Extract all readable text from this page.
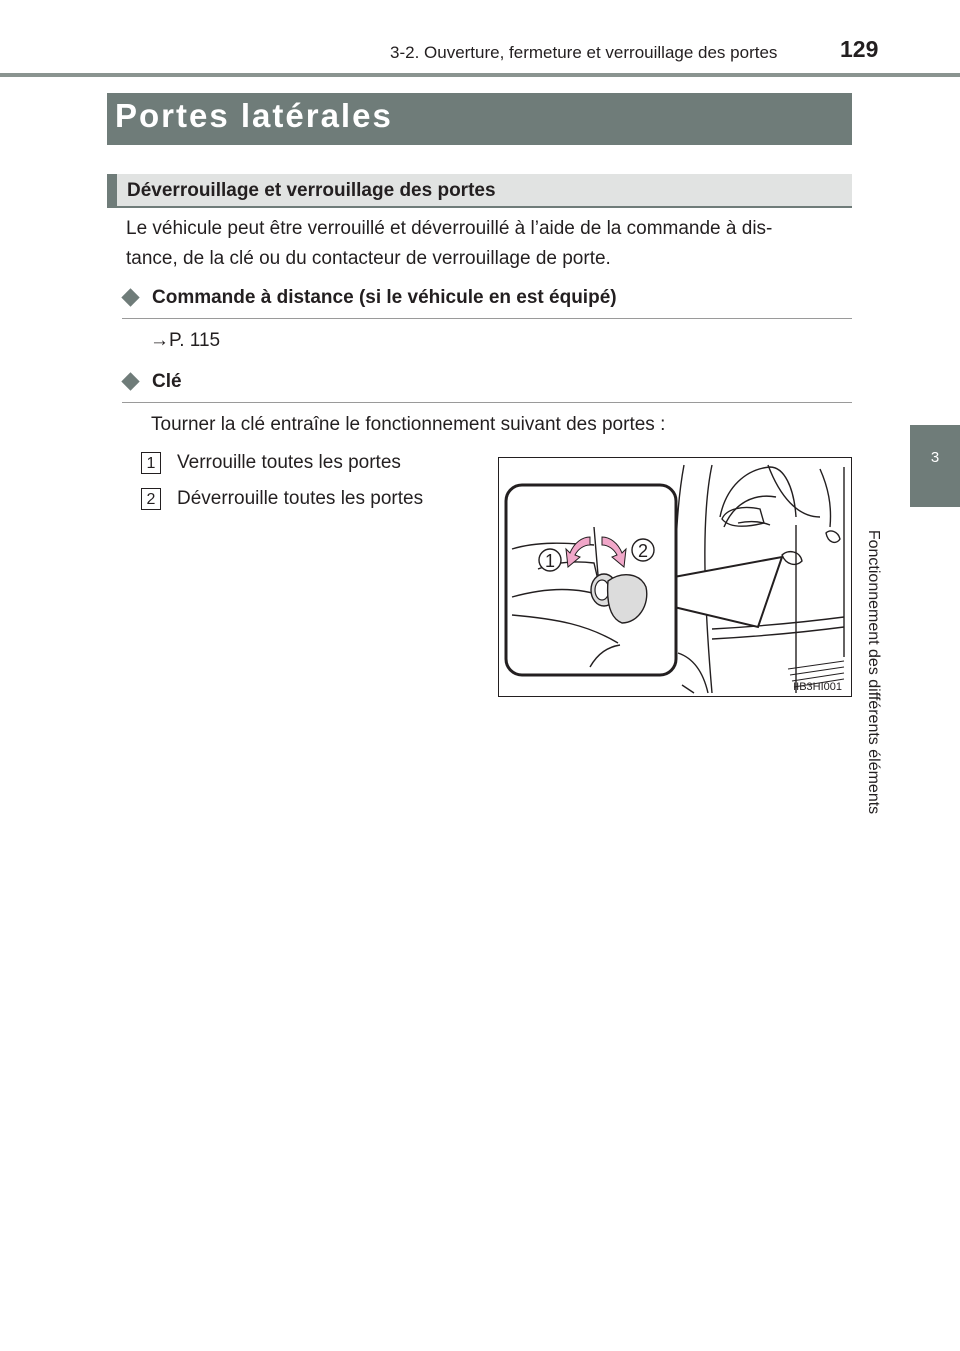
3-2. Ouverture, fermeture et verrouillage des portes	129
3
Fonctionnement des différents éléments
Portes latérales
Déverrouillage et verrouillage des portes
Le véhicule peut être verrouillé et déverrouillé à l’aide de la commande à dis-
tance, de la clé ou du contacteur de verrouillage de porte.
Commande à distance (si le véhicule en est équipé)
→P. 115
Clé
Tourner la clé entraîne le fonctionnement suivant des portes :
1 Verrouille toutes les portes
2 Déverrouille toutes les portes
1	2
IIB3HI001
